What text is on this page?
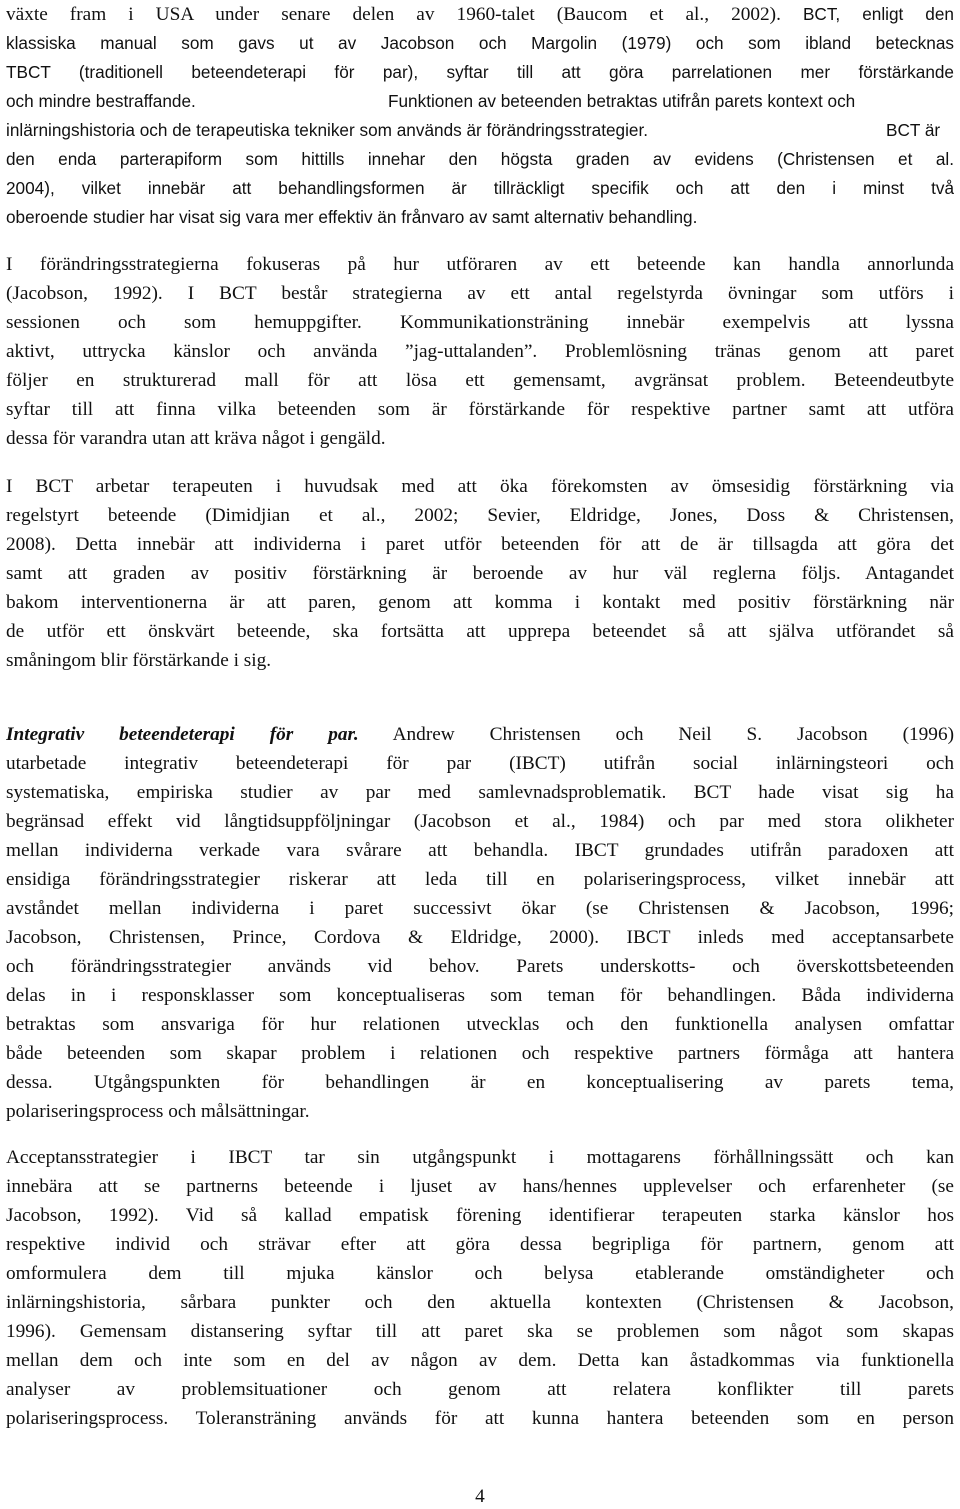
växte fram i USA under senare delen av 1960-talet (Baucom et al., 2002). BCT, enligt den
klassiska manual som gavs ut av Jacobson och Margolin (1979) och som ibland betecknas
TBCT (traditionell beteendeterapi för par), syftar till att göra parrelationen mer förstärkande
och mindre bestraffande.	Funktionen av beteenden betraktas utifrån parets kontext och
inlärningshistoria och de terapeutiska tekniker som används är förändringsstrategier.	BCT är
den enda parterapiform som hittills innehar den högsta graden av evidens (Christensen et al.
2004), vilket innebär att behandlingsformen är tillräckligt specifik och att den i minst två
oberoende studier har visat sig vara mer effektiv än frånvaro av samt alternativ behandling.
I förändringsstrategierna fokuseras på hur utföraren av ett beteende kan handla annorlunda
(Jacobson, 1992). I BCT består strategierna av ett antal regelstyrda övningar som utförs i
sessionen och som hemuppgifter. Kommunikationsträning innebär exempelvis att lyssna
aktivt, uttrycka känslor och använda ”jag-uttalanden”. Problemlösning tränas genom att paret
följer en strukturerad mall för att lösa ett gemensamt, avgränsat problem. Beteendeutbyte
syftar till att finna vilka beteenden som är förstärkande för respektive partner samt att utföra
dessa för varandra utan att kräva något i gengäld.
I BCT arbetar terapeuten i huvudsak med att öka förekomsten av ömsesidig förstärkning via
regelstyrt beteende (Dimidjian et al., 2002; Sevier, Eldridge, Jones, Doss & Christensen,
2008). Detta innebär att individerna i paret utför beteenden för att de är tillsagda att göra det
samt att graden av positiv förstärkning är beroende av hur väl reglerna följs. Antagandet
bakom interventionerna är att paren, genom att komma i kontakt med positiv förstärkning när
de utför ett önskvärt beteende, ska fortsätta att upprepa beteendet så att själva utförandet så
småningom blir förstärkande i sig.
Integrativ beteendeterapi för par. Andrew Christensen och Neil S. Jacobson (1996)
utarbetade integrativ beteendeterapi för par (IBCT) utifrån social inlärningsteori och
systematiska, empiriska studier av par med samlevnadsproblematik. BCT hade visat sig ha
begränsad effekt vid långtidsuppföljningar (Jacobson et al., 1984) och par med stora olikheter
mellan individerna verkade vara svårare att behandla. IBCT grundades utifrån paradoxen att
ensidiga förändringsstrategier riskerar att leda till en polariseringsprocess, vilket innebär att
avståndet mellan individerna i paret successivt ökar (se Christensen & Jacobson, 1996;
Jacobson, Christensen, Prince, Cordova & Eldridge, 2000). IBCT inleds med acceptansarbete
och förändringsstrategier används vid behov. Parets underskotts- och överskottsbeteenden
delas in i responsklasser som konceptualiseras som teman för behandlingen. Båda individerna
betraktas som ansvariga för hur relationen utvecklas och den funktionella analysen omfattar
både beteenden som skapar problem i relationen och respektive partners förmåga att hantera
dessa. Utgångspunkten för behandlingen är en konceptualisering av parets tema,
polariseringsprocess och målsättningar.
Acceptansstrategier i IBCT tar sin utgångspunkt i mottagarens förhållningssätt och kan
innebära att se partnerns beteende i ljuset av hans/hennes upplevelser och erfarenheter (se
Jacobson, 1992). Vid så kallad empatisk förening identifierar terapeuten starka känslor hos
respektive individ och strävar efter att göra dessa begripliga för partnern, genom att
omformulera dem till mjuka känslor och belysa etablerande omständigheter och
inlärningshistoria, sårbara punkter och den aktuella kontexten (Christensen & Jacobson,
1996). Gemensam distansering syftar till att paret ska se problemen som något som skapas
mellan dem och inte som en del av någon av dem. Detta kan åstadkommas via funktionella
analyser av problemsituationer och genom att relatera konflikter till parets
polariseringsprocess. Toleransträning används för att kunna hantera beteenden som en person
4
